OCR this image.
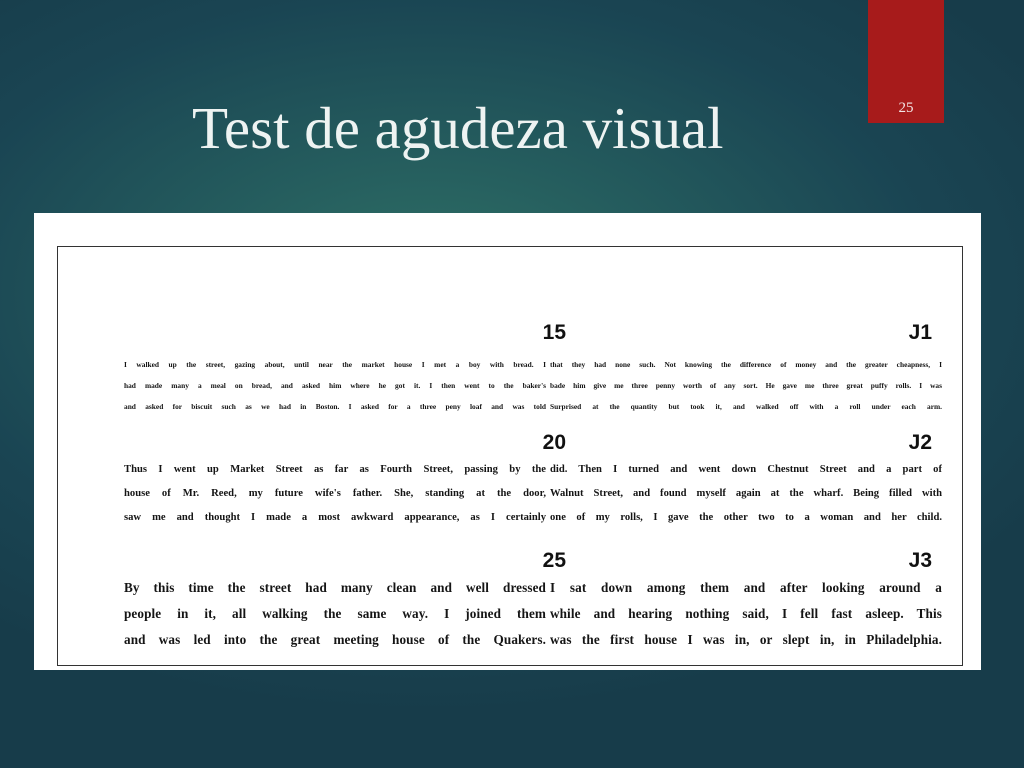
25
Test de agudeza visual
15
I walked up the street, gazing about, until near the market house I met a boy with bread. I
had made many a meal on bread, and asked him where he got it. I then went to the baker's
and asked for biscuit such as we had in Boston. I asked for a three peny loaf and was told
J1
that they had none such. Not knowing the difference of money and the greater cheapness, I
bade him give me three penny worth of any sort. He gave me three great puffy rolls. I was
Surprised at the quantity but took it, and walked off with a roll under each arm.
20
Thus I went up Market Street as far as Fourth Street, passing by the
house of Mr. Reed, my future wife's father. She, standing at the door,
saw me and thought I made a most awkward appearance, as I certainly
J2
did. Then I turned and went down Chestnut Street and a part of
Walnut Street, and found myself again at the wharf. Being filled with
one of my rolls, I gave the other two to a woman and her child.
25
By this time the street had many clean and well dressed
people in it, all walking the same way. I joined them
and was led into the great meeting house of the Quakers.
J3
I sat down among them and after looking around a
while and hearing nothing said, I fell fast asleep. This
was the first house I was in, or slept in, in Philadelphia.
